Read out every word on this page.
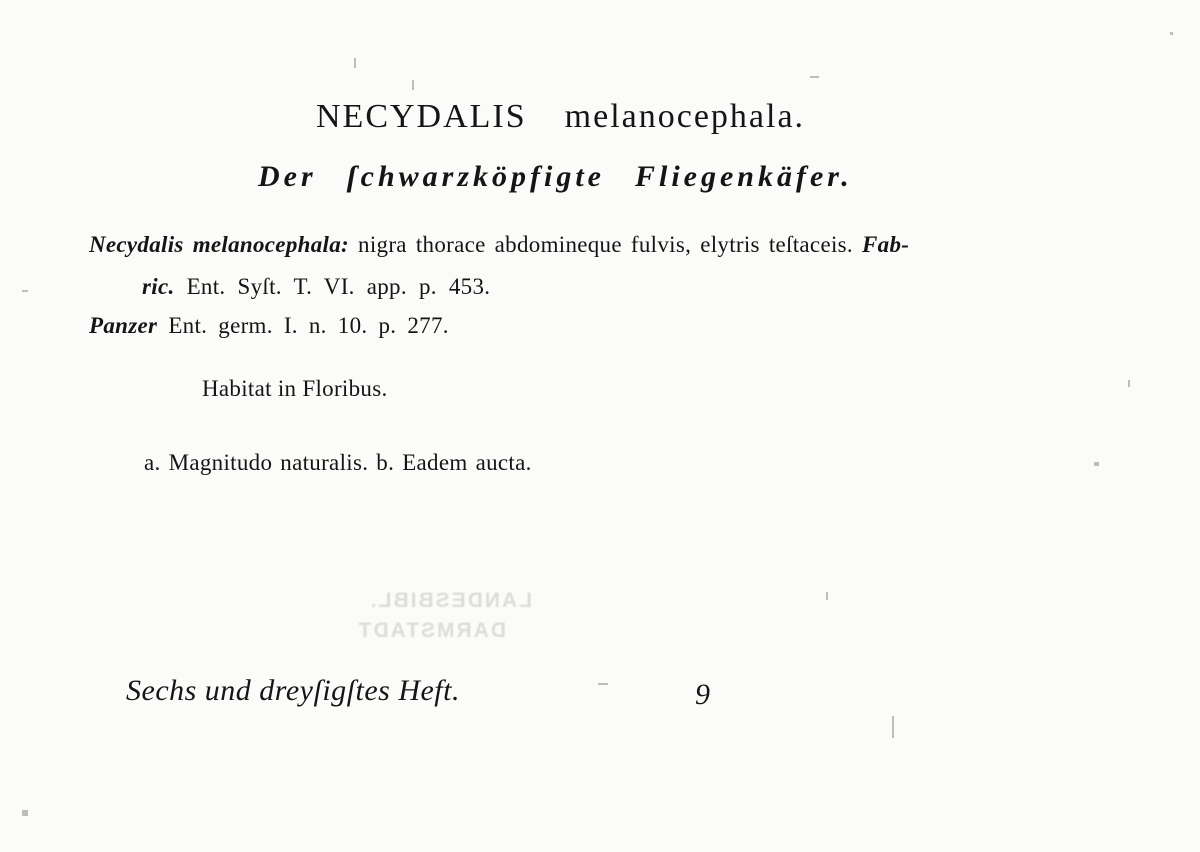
LANDESBIBL.
DARMSTADT
NECYDALIS melanocephala.
Der ſchwarzköpfigte Fliegenkäfer.
Necydalis melanocephala: nigra thorace abdomineque fulvis, elytris teſtaceis. Fab-
ric. Ent. Syſt. T. VI. app. p. 453.
Panzer Ent. germ. I. n. 10. p. 277.
Habitat in Floribus.
a. Magnitudo naturalis. b. Eadem aucta.
Sechs und dreyſigſtes Heft.	9
